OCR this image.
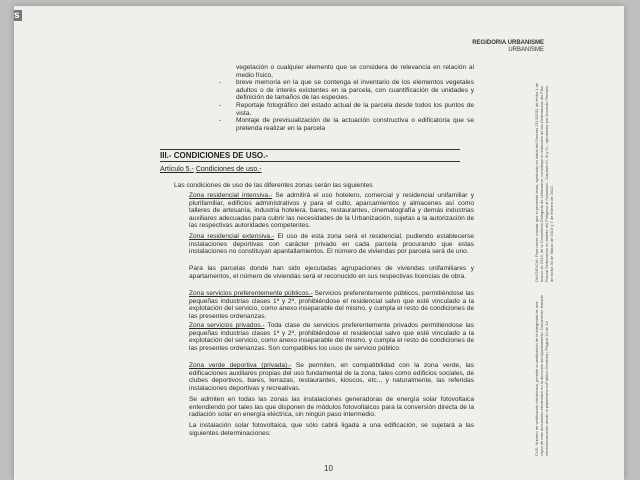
s
REGIDORIA URBANISME
URBANISME
vegetación o cualquier elemento que se considera de relevancia en relación al medio físico,
- breve memoria en la que se contenga el inventario de los elementos vegetales adultos o de interés existentes en la parcela, con cuantificación de unidades y definición de tamaños de las especies.
- Reportaje fotográfico del estado actual de la parcela desde todos los puntos de vista.
- Montaje de previsualización de la actuación constructiva o edificatoria que se pretenda realizar en la parcela
III.- CONDICIONES DE USO.-
Artículo 5.- Condiciones de uso.-
Las condiciones de uso de las diferentes zonas serán las siguientes
Zona residencial intensiva.- Se admitirá el uso hotelero, comercial y residencial unifamiliar y plurifamiliar, edificios administrativos y para el culto, aparcamientos y almacenes así como talleres de artesanía, industria hotelera, bares, restaurantes, cinematografía y demás industrias auxiliares adecuadas para cubrir las necesidades de la Urbanización, sujetas a la autorización de las respectivas autoridades competentes.
Zona residencial extensiva.- El uso de esta zona será el residencial, pudiendo establecerse instalaciones deportivas con carácter privado en cada parcela procurando que estas instalaciones no constituyan apantallamientos. El número de viviendas por parcela será de uno.
Para las parcelas donde han sido ejecutadas agrupaciones de viviendas unifamiliares y apartamentos, el número de viviendas será el reconocido en sus respectivas licencias de obra.
Zona servicios preferentemente públicos.- Servicios preferentemente públicos, permitiéndose las pequeñas industrias clases 1ª y 2ª, prohibiéndose el residencial salvo que esté vinculado a la explotación del servicio, como anexo inseparable del mismo, y cumpla el resto de condiciones de las presentes ordenanzas.
Zona servicios privados.- Toda clase de servicios preferentemente privados permitiéndose las pequeñas industrias clases 1ª y 2ª, prohibiéndose el residencial salvo que esté vinculado a la explotación del servicio, como anexo inseparable del mismo, y cumpla el resto de condiciones de las presentes ordenanzas. Son compatibles los usos de servicio público.
Zona verde deportiva (privada).- Se permiten, en compatibilidad con la zona verde, las edificaciones auxiliares propias del uso fundamental de la zona, tales como edificios sociales, de clubes deportivos, bares, terrazas, restaurantes, kioscos, etc.., y naturalmente, las referidas instalaciones deportivas y recreativas.
Se admiten en todas las zonas las instalaciones generadoras de energía solar fotovoltaica entendiendo por tales las que disponen de módulos fotovoltaicos para la conversión directa de la radiación solar en energía eléctrica, sin ningún paso intermedio.
La instalación solar fotovoltaica, que sólo cabrá ligada a una edificación, se sujetará a las siguientes determinaciones:
DILIGENCIA: Para hacer constar que el presente texto, aprobado en virtud del Decreto 2112/2011 de fecha 1 de marzo de 2013, de la Conselleria Delegada de Urbanisme, constituye la redacción de las Ordenanzas del Plan Parcial Ordenación en ámbito del Polígono al Notariado - Capítulo III, III y IV - aprobadas por Acuerdo Plenario de fecha 30 de Marzo de 2013 y 7 de febrero de 2013.
CVE: Número de verificación electrónica, permite la verificación de la integridad de una copia de este documento electrónico en la dirección del Ayuntamiento. Documento firmado electrónicamente desde la plataforma esPublico Gestiona | Página 10 de 12
10
